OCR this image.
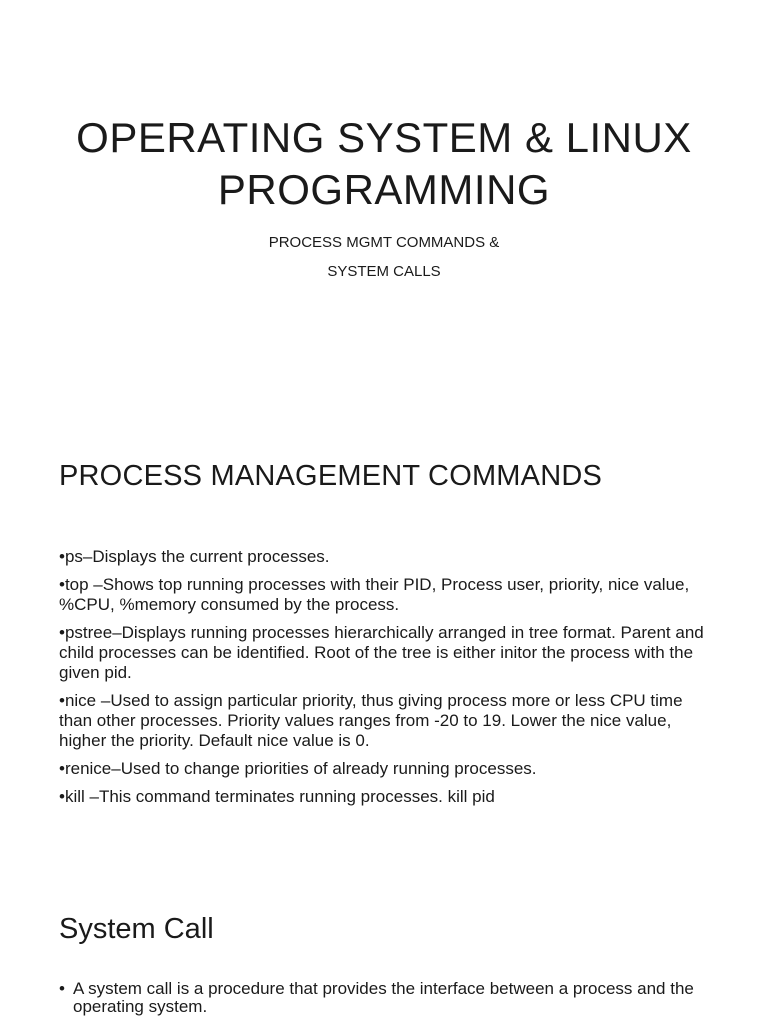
OPERATING SYSTEM & LINUX
PROGRAMMING

PROCESS MGMT COMMANDS &
SYSTEM CALLS

PROCESS MANAGEMENT COMMANDS
•ps–Displays the current processes.
•top –Shows top running processes with their PID, Process user, priority, nice value, %CPU, %memory consumed by the process.
•pstree–Displays running processes hierarchically arranged in tree format. Parent and child processes can be identified. Root of the tree is either initor the process with the given pid.
•nice –Used to assign particular priority, thus giving process more or less CPU time than other processes. Priority values ranges from -20 to 19. Lower the nice value, higher the priority. Default nice value is 0.
•renice–Used to change priorities of already running processes.
•kill –This command terminates running processes. kill pid
System Call
• A system call is a procedure that provides the interface between a process and the operating system.
